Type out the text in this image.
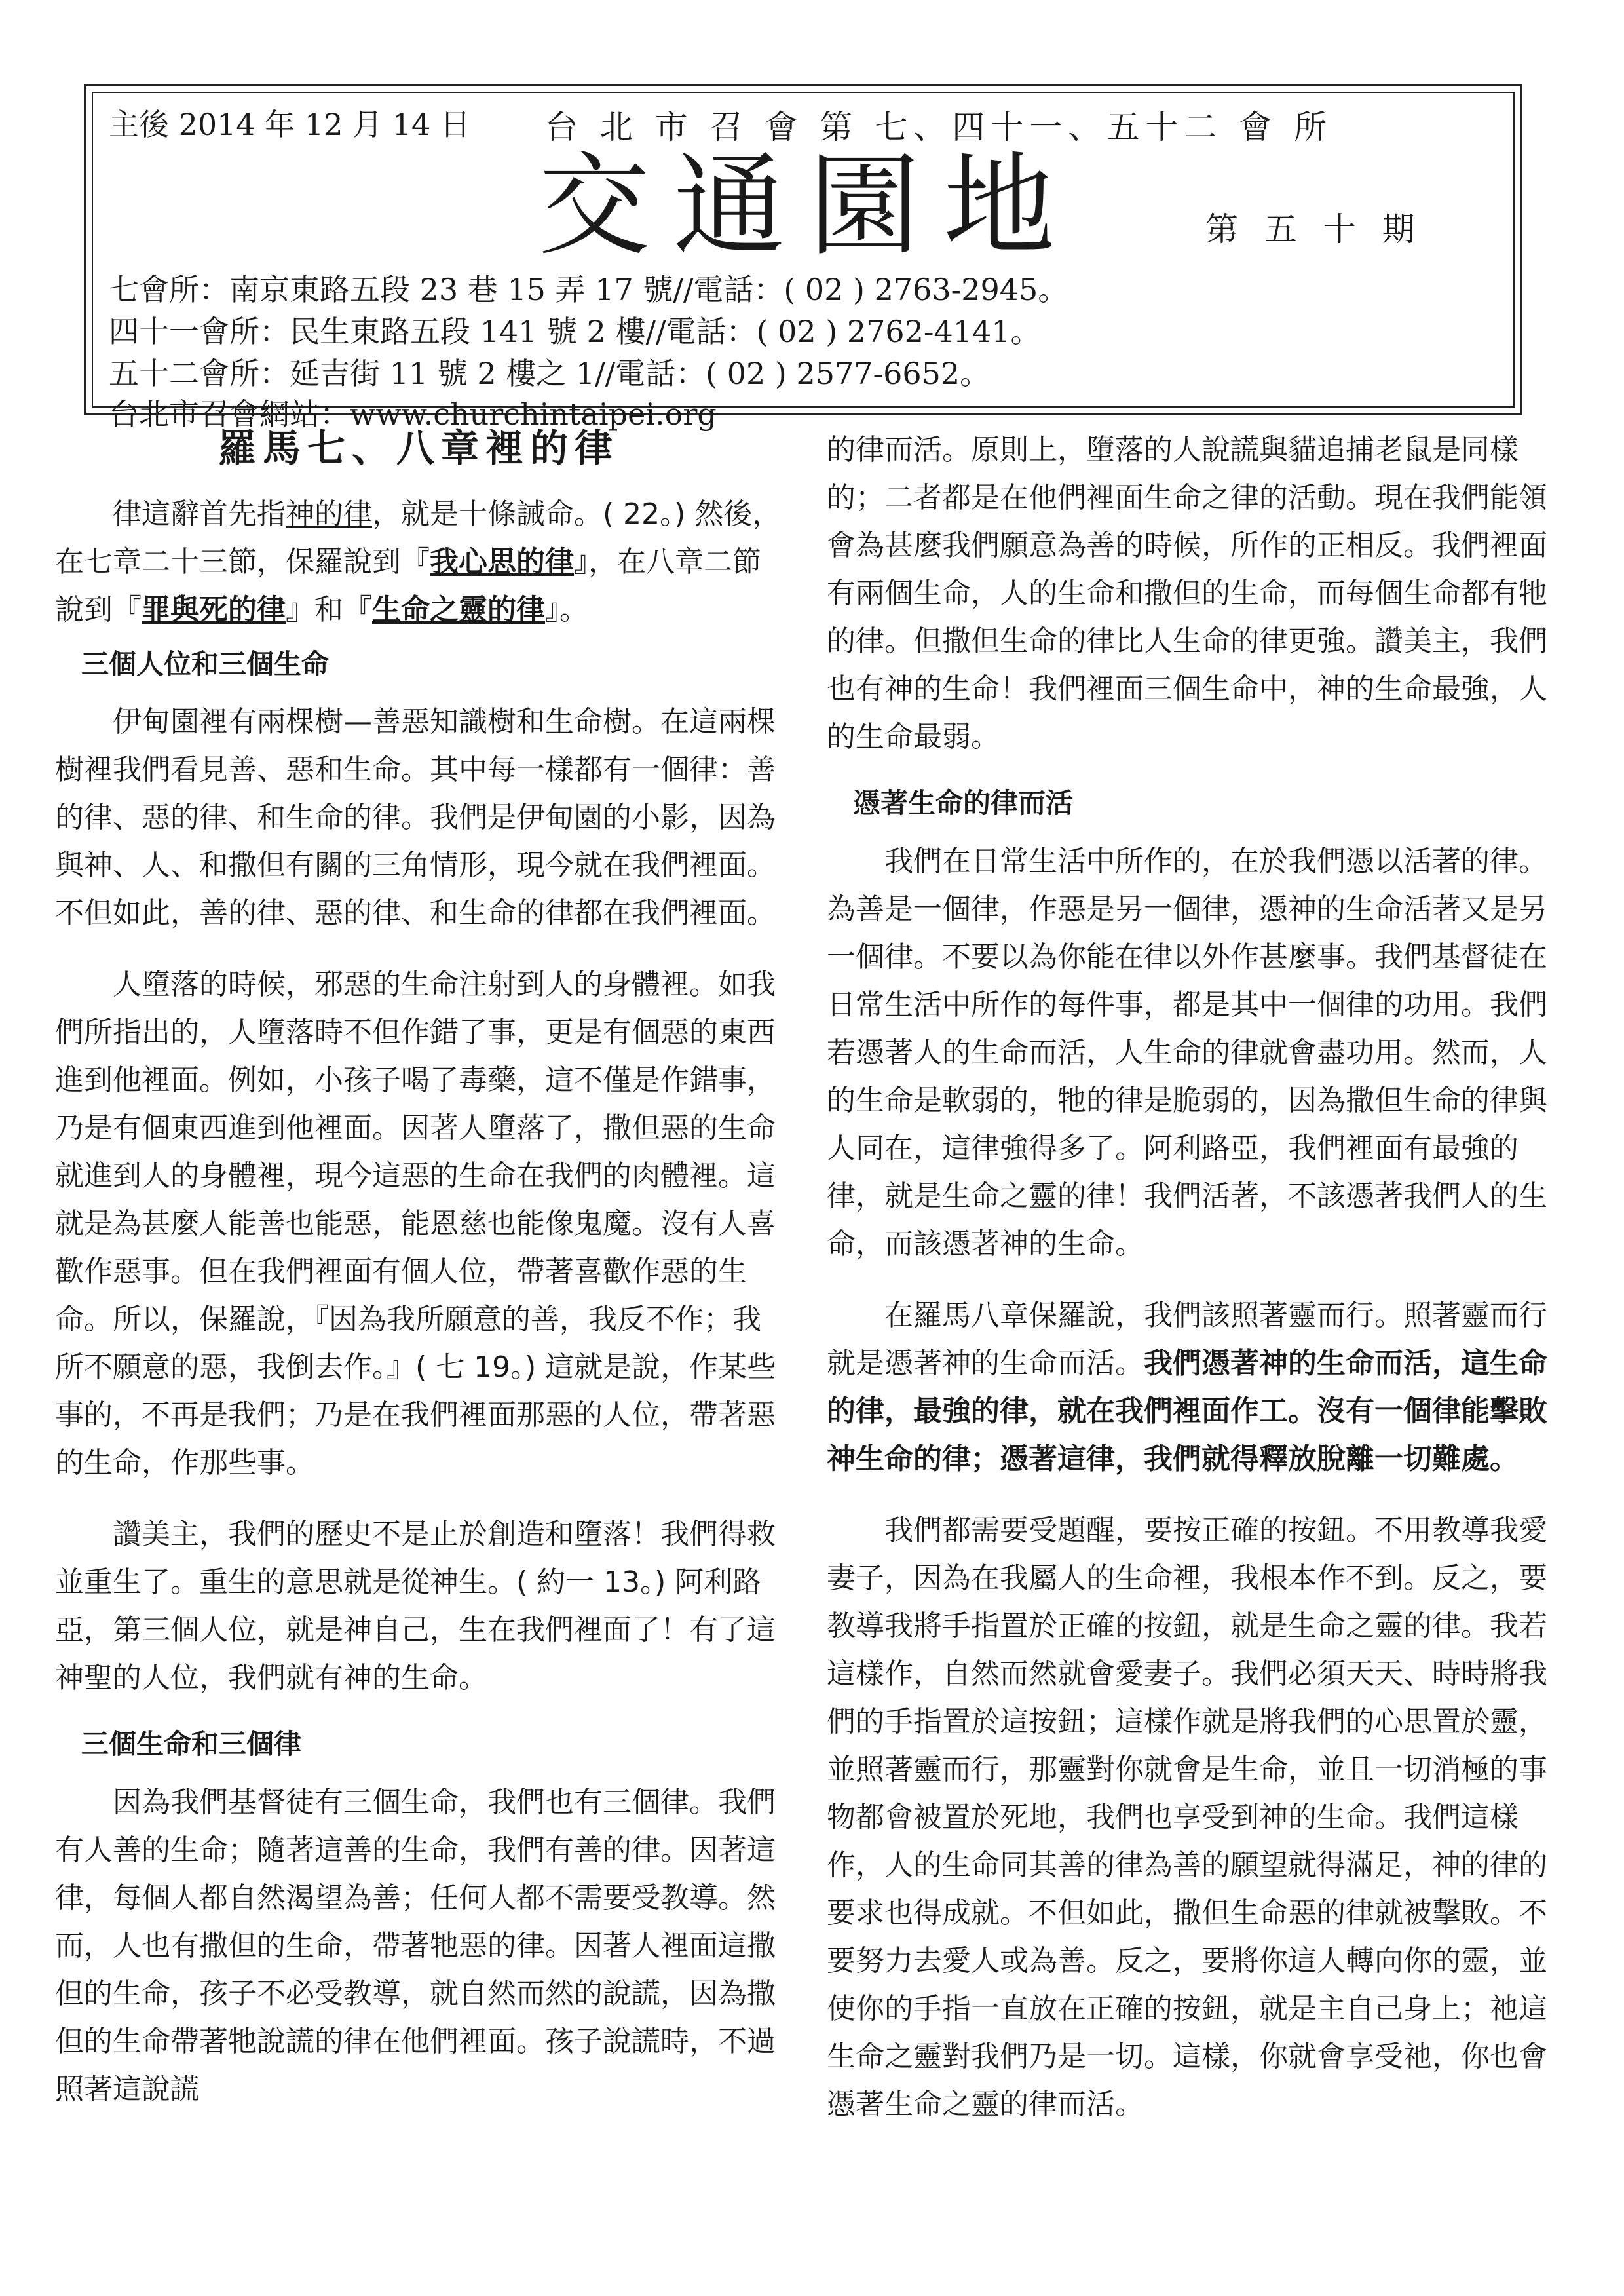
主後 2014 年 12 月 14 日 台 北 市 召 會 第 七、四十一、五十二 會 所
交通園地	第 五 十 期
七會所：南京東路五段 23 巷 15 弄 17 號//電話：( 02 ) 2763-2945。
四十一會所：民生東路五段 141 號 2 樓//電話：( 02 ) 2762-4141。
五十二會所：延吉街 11 號 2 樓之 1//電話：( 02 ) 2577-6652。
台北市召會網站：www.churchintaipei.org
羅馬七、八章裡的律

律這辭首先指神的律，就是十條誡命。( 22。) 然後，在七章二十三節，保羅說到『我心思的律』，在八章二節說到『罪與死的律』和『生命之靈的律』。

三個人位和三個生命

伊甸園裡有兩棵樹—善惡知識樹和生命樹。在這兩棵樹裡我們看見善、惡和生命。其中每一樣都有一個律：善的律、惡的律、和生命的律。我們是伊甸園的小影，因為與神、人、和撒但有關的三角情形，現今就在我們裡面。不但如此，善的律、惡的律、和生命的律都在我們裡面。

人墮落的時候，邪惡的生命注射到人的身體裡。如我們所指出的，人墮落時不但作錯了事，更是有個惡的東西進到他裡面。例如，小孩子喝了毒藥，這不僅是作錯事，乃是有個東西進到他裡面。因著人墮落了，撒但惡的生命就進到人的身體裡，現今這惡的生命在我們的肉體裡。這就是為甚麼人能善也能惡，能恩慈也能像鬼魔。沒有人喜歡作惡事。但在我們裡面有個人位，帶著喜歡作惡的生命。所以，保羅說，『因為我所願意的善，我反不作；我所不願意的惡，我倒去作。』( 七 19。) 這就是說，作某些事的，不再是我們；乃是在我們裡面那惡的人位，帶著惡的生命，作那些事。

讚美主，我們的歷史不是止於創造和墮落！我們得救並重生了。重生的意思就是從神生。( 約一 13。) 阿利路亞，第三個人位，就是神自己，生在我們裡面了！有了這神聖的人位，我們就有神的生命。

三個生命和三個律

因為我們基督徒有三個生命，我們也有三個律。我們有人善的生命；隨著這善的生命，我們有善的律。因著這律，每個人都自然渴望為善；任何人都不需要受教導。然而，人也有撒但的生命，帶著牠惡的律。因著人裡面這撒但的生命，孩子不必受教導，就自然而然的說謊，因為撒但的生命帶著牠說謊的律在他們裡面。孩子說謊時，不過照著這說謊

的律而活。原則上，墮落的人說謊與貓追捕老鼠是同樣的；二者都是在他們裡面生命之律的活動。現在我們能領會為甚麼我們願意為善的時候，所作的正相反。我們裡面有兩個生命，人的生命和撒但的生命，而每個生命都有牠的律。但撒但生命的律比人生命的律更強。讚美主，我們也有神的生命！我們裡面三個生命中，神的生命最強，人的生命最弱。

憑著生命的律而活

我們在日常生活中所作的，在於我們憑以活著的律。為善是一個律，作惡是另一個律，憑神的生命活著又是另一個律。不要以為你能在律以外作甚麼事。我們基督徒在日常生活中所作的每件事，都是其中一個律的功用。我們若憑著人的生命而活，人生命的律就會盡功用。然而，人的生命是軟弱的，牠的律是脆弱的，因為撒但生命的律與人同在，這律強得多了。阿利路亞，我們裡面有最強的律，就是生命之靈的律！我們活著，不該憑著我們人的生命，而該憑著神的生命。

在羅馬八章保羅說，我們該照著靈而行。照著靈而行就是憑著神的生命而活。我們憑著神的生命而活，這生命的律，最強的律，就在我們裡面作工。沒有一個律能擊敗神生命的律；憑著這律，我們就得釋放脫離一切難處。

我們都需要受題醒，要按正確的按鈕。不用教導我愛妻子，因為在我屬人的生命裡，我根本作不到。反之，要教導我將手指置於正確的按鈕，就是生命之靈的律。我若這樣作，自然而然就會愛妻子。我們必須天天、時時將我們的手指置於這按鈕；這樣作就是將我們的心思置於靈，並照著靈而行，那靈對你就會是生命，並且一切消極的事物都會被置於死地，我們也享受到神的生命。我們這樣作，人的生命同其善的律為善的願望就得滿足，神的律的要求也得成就。不但如此，撒但生命惡的律就被擊敗。不要努力去愛人或為善。反之，要將你這人轉向你的靈，並使你的手指一直放在正確的按鈕，就是主自己身上；祂這生命之靈對我們乃是一切。這樣，你就會享受祂，你也會憑著生命之靈的律而活。
